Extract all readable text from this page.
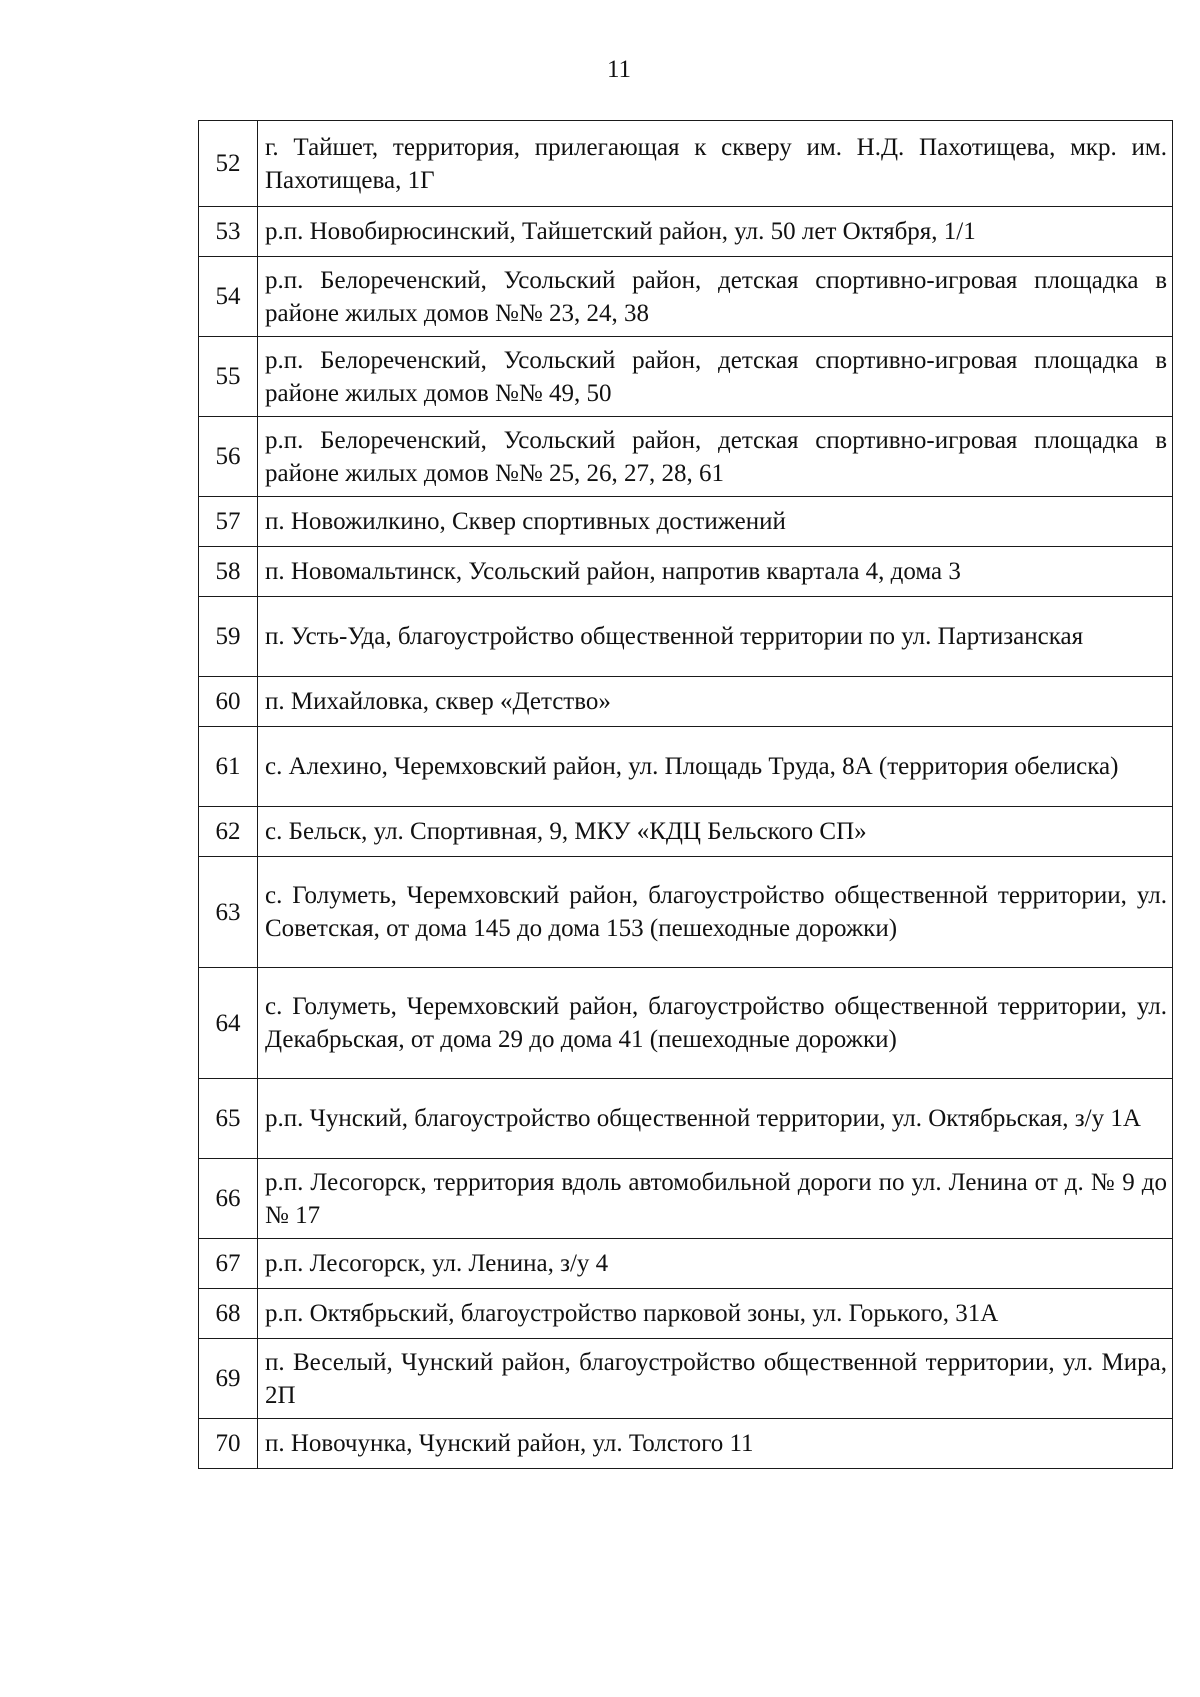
11
52	г. Тайшет, территория, прилегающая к скверу им. Н.Д. Пахотищева, мкр. им. Пахотищева, 1Г
53	р.п. Новобирюсинский, Тайшетский район, ул. 50 лет Октября, 1/1
54	р.п. Белореченский, Усольский район, детская спортивно-игровая площадка в районе жилых домов №№ 23, 24, 38
55	р.п. Белореченский, Усольский район, детская спортивно-игровая площадка в районе жилых домов №№ 49, 50
56	р.п. Белореченский, Усольский район, детская спортивно-игровая площадка в районе жилых домов №№ 25, 26, 27, 28, 61
57	п. Новожилкино, Сквер спортивных достижений
58	п. Новомальтинск, Усольский район, напротив квартала 4, дома 3
59	п. Усть-Уда, благоустройство общественной территории по ул. Партизанская
60	п. Михайловка, сквер «Детство»
61	с. Алехино, Черемховский район, ул. Площадь Труда, 8А (территория обелиска)
62	с. Бельск, ул. Спортивная, 9, МКУ «КДЦ Бельского СП»
63	с. Голуметь, Черемховский район, благоустройство общественной территории, ул. Советская, от дома 145 до дома 153 (пешеходные дорожки)
64	с. Голуметь, Черемховский район, благоустройство общественной территории, ул. Декабрьская, от дома 29 до дома 41 (пешеходные дорожки)
65	р.п. Чунский, благоустройство общественной территории, ул. Октябрьская, з/у 1А
66	р.п. Лесогорск, территория вдоль автомобильной дороги по ул. Ленина от д. № 9 до № 17
67	р.п. Лесогорск, ул. Ленина, з/у 4
68	р.п. Октябрьский, благоустройство парковой зоны, ул. Горького, 31А
69	п. Веселый, Чунский район, благоустройство общественной территории, ул. Мира, 2П
70	п. Новочунка, Чунский район, ул. Толстого 11
